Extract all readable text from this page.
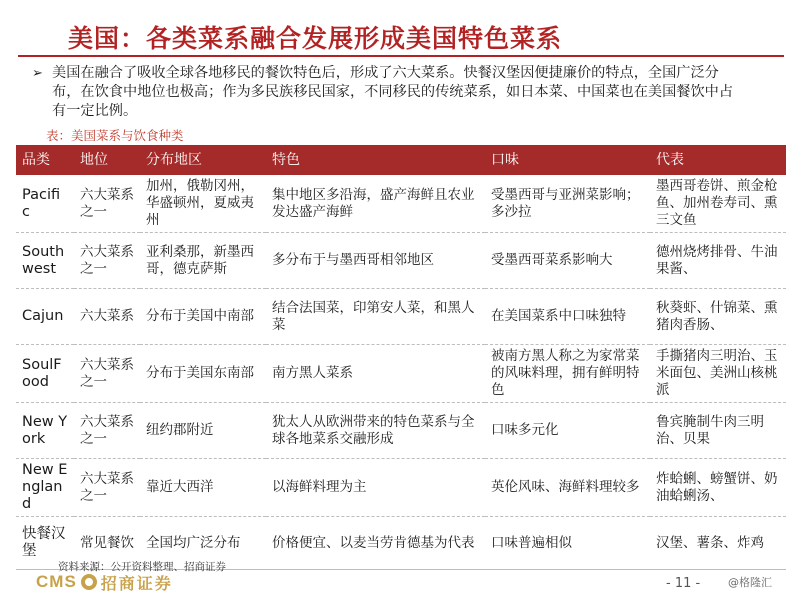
美国：各类菜系融合发展形成美国特色菜系
➢ 美国在融合了吸收全球各地移民的餐饮特色后，形成了六大菜系。快餐汉堡因便捷廉价的特点，全国广泛分布，在饮食中地位也极高；作为多民族移民国家，不同移民的传统菜系，如日本菜、中国菜也在美国餐饮中占有一定比例。
表：美国菜系与饮食种类
品类	地位	分布地区	特色	口味	代表
Pacific	六大菜系之一	加州，俄勒冈州，华盛顿州，夏威夷州	集中地区多沿海，盛产海鲜且农业发达盛产海鲜	受墨西哥与亚洲菜影响；多沙拉	墨西哥卷饼、煎金枪鱼、加州卷寿司、熏三文鱼
Southwest	六大菜系之一	亚利桑那，新墨西哥，德克萨斯	多分布于与墨西哥相邻地区	受墨西哥菜系影响大	德州烧烤排骨、牛油果酱、
Cajun	六大菜系	分布于美国中南部	结合法国菜，印第安人菜，和黑人菜	在美国菜系中口味独特	秋葵虾、什锦菜、熏猪肉香肠、
SoulFood	六大菜系之一	分布于美国东南部	南方黑人菜系	被南方黑人称之为家常菜的风味料理，拥有鲜明特色	手撕猪肉三明治、玉米面包、美洲山核桃派
New York	六大菜系之一	纽约郡附近	犹太人从欧洲带来的特色菜系与全球各地菜系交融形成	口味多元化	鲁宾腌制牛肉三明治、贝果
New England	六大菜系之一	靠近大西洋	以海鲜料理为主	英伦风味、海鲜料理较多	炸蛤蜊、螃蟹饼、奶油蛤蜊汤、
快餐汉堡	常见餐饮	全国均广泛分布	价格便宜、以麦当劳肯德基为代表	口味普遍相似	汉堡、薯条、炸鸡
资料来源：公开资料整理、招商证券
CMS 招商证券	- 11 -	@格隆汇
